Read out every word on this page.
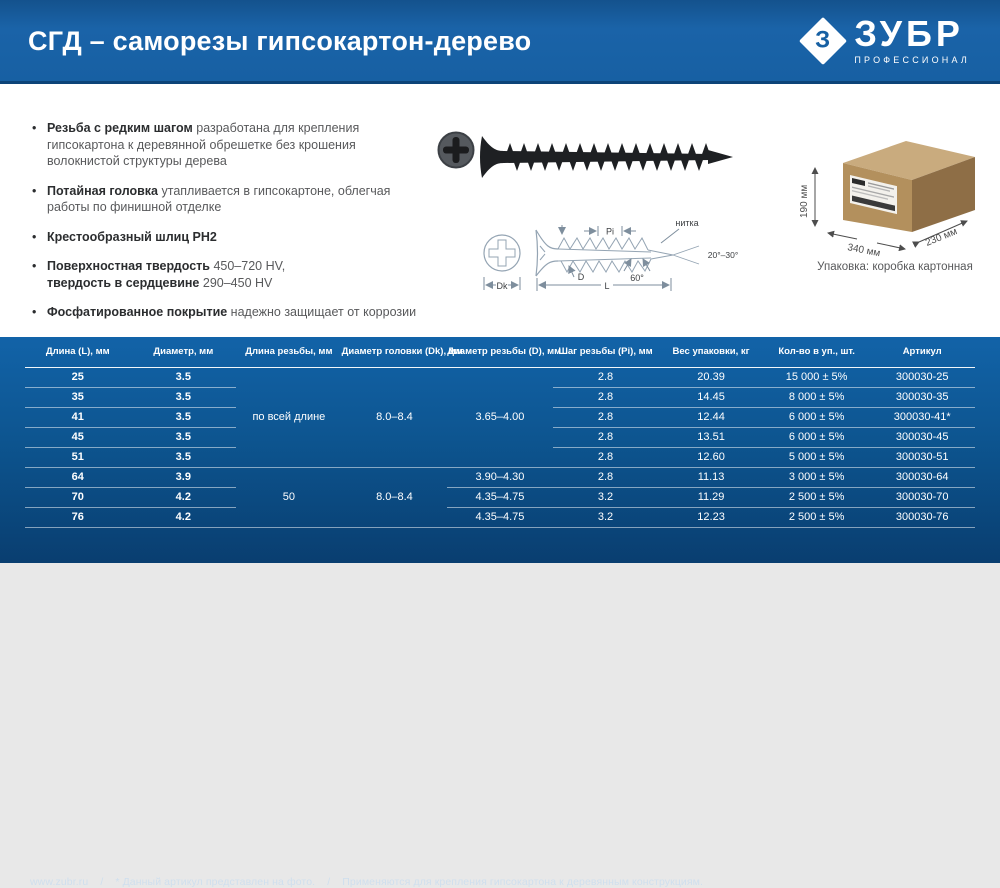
СГД – саморезы гипсокартон-дерево	З ЗУБР
ПРОФЕССИОНАЛ
• Резьба с редким шагом разработана для крепления гипсокартона к деревянной обрешетке без крошения волокнистой структуры дерева
• Потайная головка утапливается в гипсокартоне, облегчая работы по финишной отделке
• Крестообразный шлиц PH2
• Поверхностная твердость 450–720 HV,
твердость в сердцевине 290–450 HV
• Фосфатированное покрытие надежно защищает от коррозии
Dk
Pi
нитка
20°–30°
D	60°
L
190 мм
340 мм
230 мм
Упаковка: коробка картонная
Длина (L), мм	Диаметр, мм	Длина резьбы, мм	Диаметр головки (Dk), мм	Диаметр резьбы (D), мм	Шаг резьбы (Pi), мм	Вес упаковки, кг	Кол-во в уп., шт.	Артикул
25	3.5	по всей длине	8.0–8.4	3.65–4.00	2.8	20.39	15 000 ± 5%	300030-25
35	3.5				2.8	14.45	8 000 ± 5%	300030-35
41	3.5				2.8	12.44	6 000 ± 5%	300030-41*
45	3.5				2.8	13.51	6 000 ± 5%	300030-45
51	3.5				2.8	12.60	5 000 ± 5%	300030-51
64	3.9	50	8.0–8.4	3.90–4.30	2.8	11.13	3 000 ± 5%	300030-64
70	4.2			4.35–4.75	3.2	11.29	2 500 ± 5%	300030-70
76	4.2			4.35–4.75	3.2	12.23	2 500 ± 5%	300030-76
www.zubr.ru / * Данный артикул представлен на фото. / Применяются для крепления гипсокартона к деревянным конструкциям.
